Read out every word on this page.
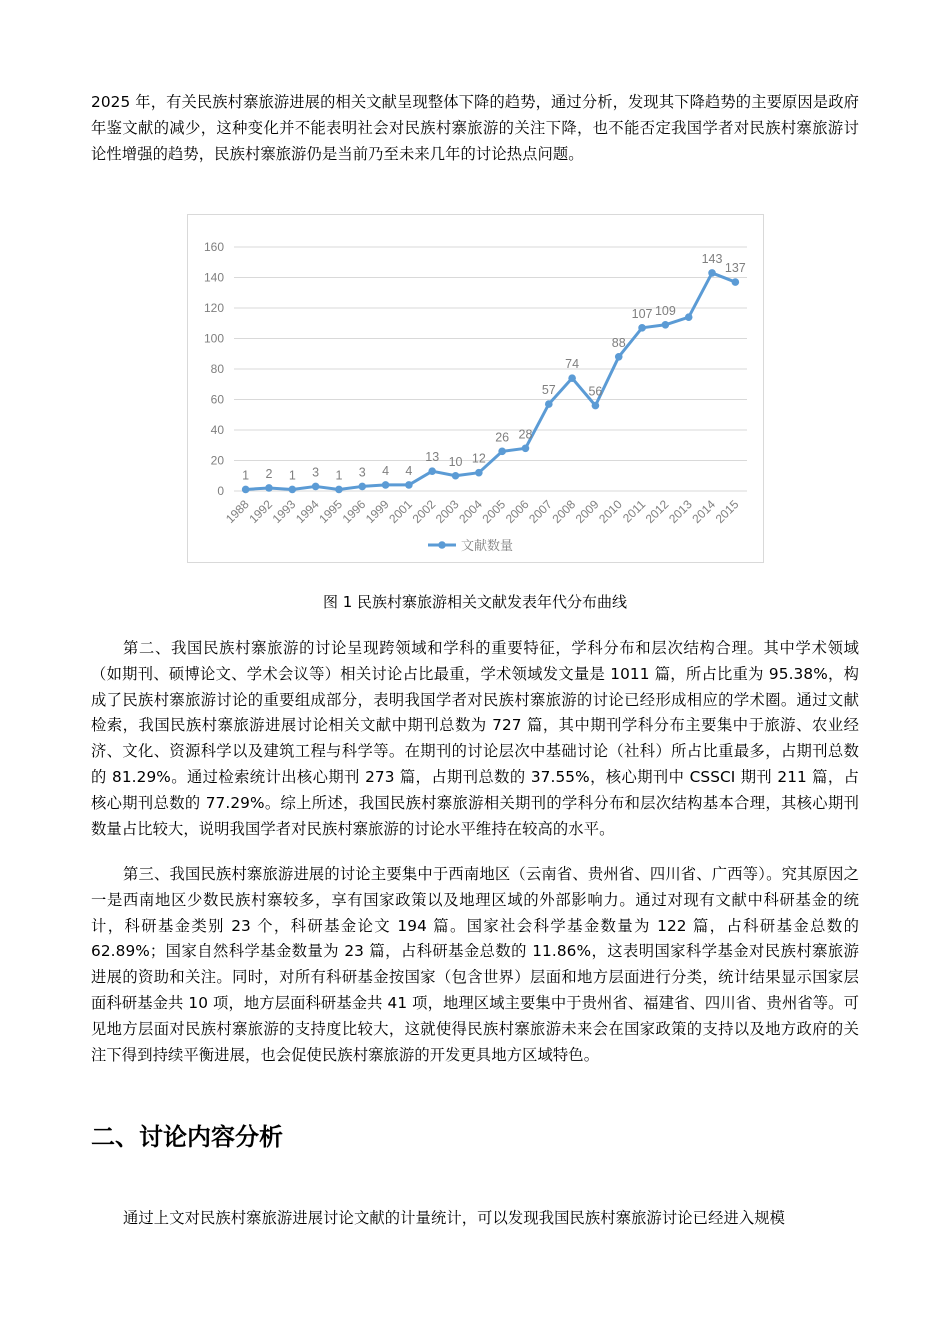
2025 年，有关民族村寨旅游进展的相关文献呈现整体下降的趋势，通过分析，发现其下降趋势的主要原因是政府年鉴文献的减少，这种变化并不能表明社会对民族村寨旅游的关注下降，也不能否定我国学者对民族村寨旅游讨论性增强的趋势，民族村寨旅游仍是当前乃至未来几年的讨论热点问题。

0
20
40
60
80
100
120
140
160
1988
1992
1993
1994
1995
1996
1999
2001
2002
2003
2004
2005
2006
2007
2008
2009
2010
2011
2012
2013
2014
2015
1 2 1 3 1 3 4 4
13 10 12
26 28
57
74
56
88
107 109
143
137
文献数量
图 1 民族村寨旅游相关文献发表年代分布曲线

第二、我国民族村寨旅游的讨论呈现跨领域和学科的重要特征，学科分布和层次结构合理。其中学术领域（如期刊、硕博论文、学术会议等）相关讨论占比最重，学术领域发文量是 1011 篇，所占比重为 95.38%，构成了民族村寨旅游讨论的重要组成部分，表明我国学者对民族村寨旅游的讨论已经形成相应的学术圈。通过文献检索，我国民族村寨旅游进展讨论相关文献中期刊总数为 727 篇，其中期刊学科分布主要集中于旅游、农业经济、文化、资源科学以及建筑工程与科学等。在期刊的讨论层次中基础讨论（社科）所占比重最多，占期刊总数的 81.29%。通过检索统计出核心期刊 273 篇，占期刊总数的 37.55%，核心期刊中 CSSCI 期刊 211 篇，占核心期刊总数的 77.29%。综上所述，我国民族村寨旅游相关期刊的学科分布和层次结构基本合理，其核心期刊数量占比较大，说明我国学者对民族村寨旅游的讨论水平维持在较高的水平。

第三、我国民族村寨旅游进展的讨论主要集中于西南地区（云南省、贵州省、四川省、广西等）。究其原因之一是西南地区少数民族村寨较多，享有国家政策以及地理区域的外部影响力。通过对现有文献中科研基金的统计，科研基金类别 23 个，科研基金论文 194 篇。国家社会科学基金数量为 122 篇，占科研基金总数的 62.89%；国家自然科学基金数量为 23 篇，占科研基金总数的 11.86%，这表明国家科学基金对民族村寨旅游进展的资助和关注。同时，对所有科研基金按国家（包含世界）层面和地方层面进行分类，统计结果显示国家层面科研基金共 10 项，地方层面科研基金共 41 项，地理区域主要集中于贵州省、福建省、四川省、贵州省等。可见地方层面对民族村寨旅游的支持度比较大，这就使得民族村寨旅游未来会在国家政策的支持以及地方政府的关注下得到持续平衡进展，也会促使民族村寨旅游的开发更具地方区域特色。

二、讨论内容分析

通过上文对民族村寨旅游进展讨论文献的计量统计，可以发现我国民族村寨旅游讨论已经进入规模
